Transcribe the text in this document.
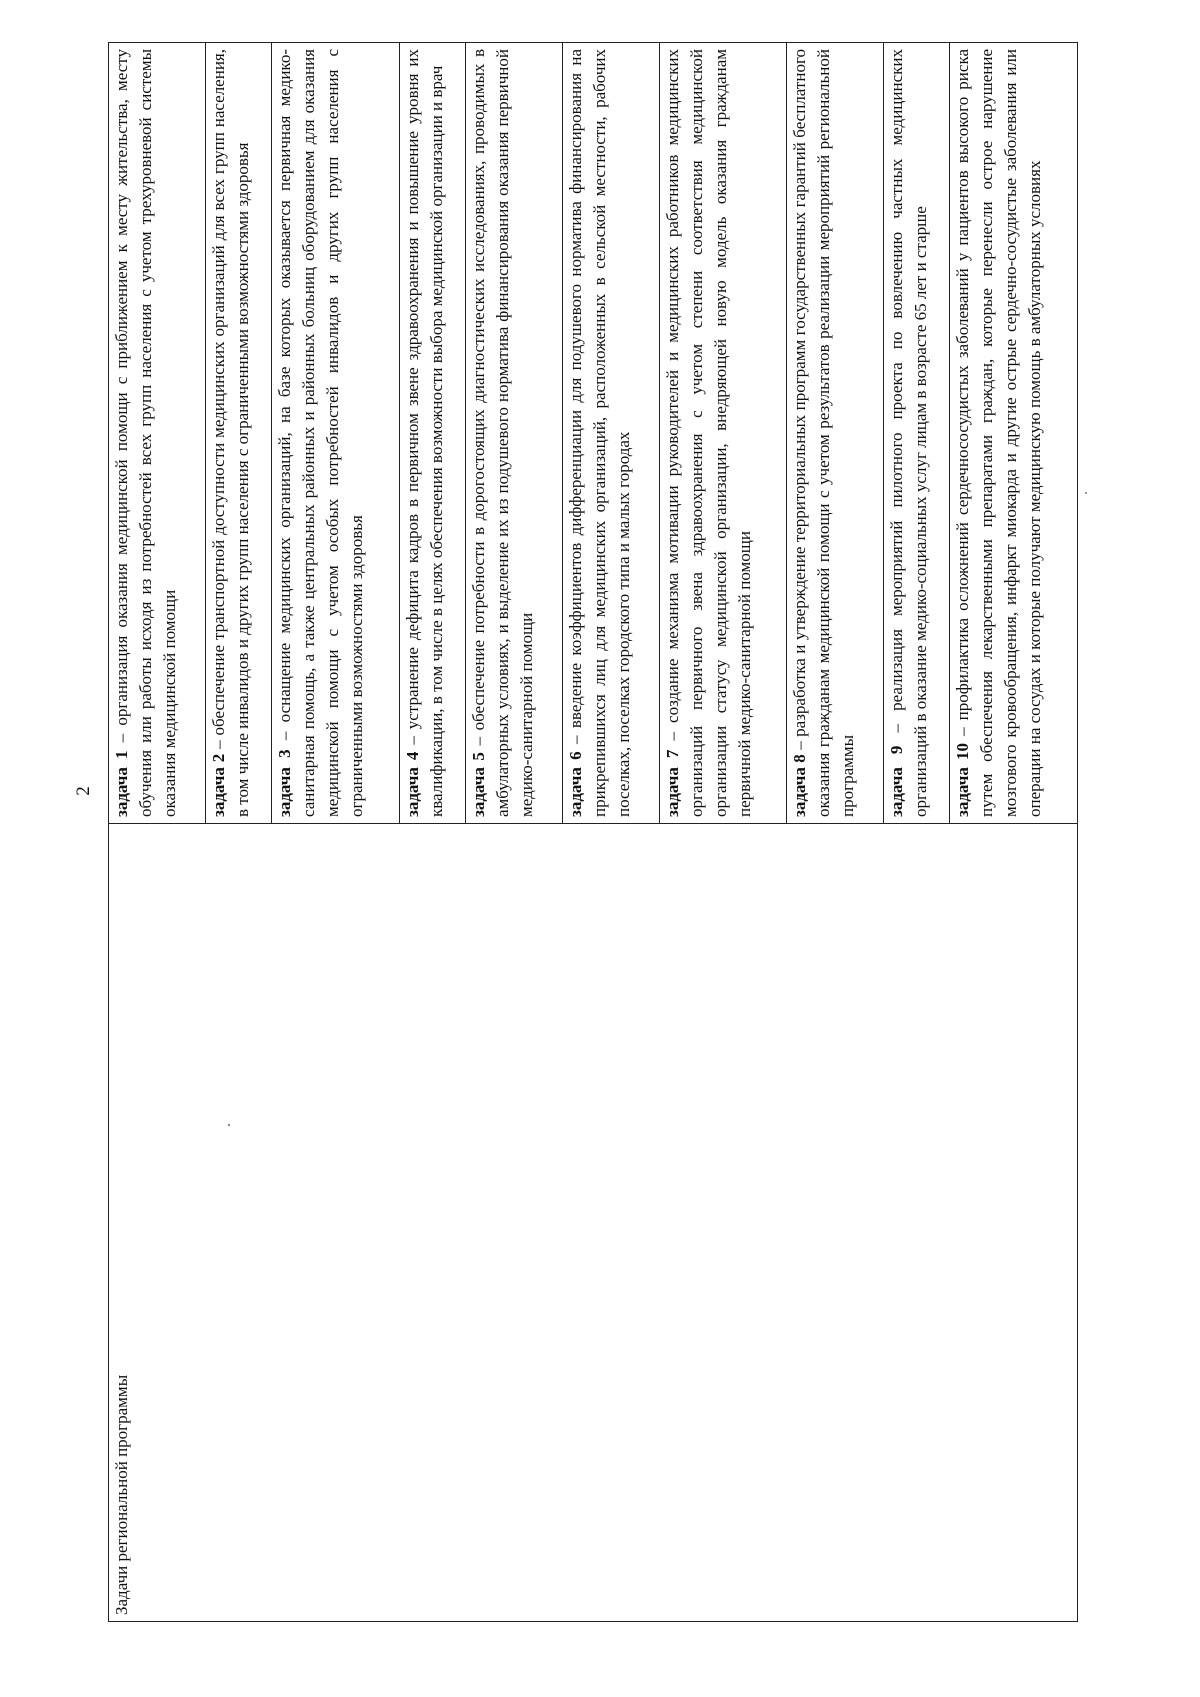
2
Задачи региональной программы	задача 1 – организация оказания медицинской помощи с приближением к месту жительства, месту обучения или работы исходя из потребностей всех групп населения с учетом трехуровневой системы оказания медицинской помощи
задача 2 – обеспечение транспортной доступности медицинских организаций для всех групп населения, в том числе инвалидов и других групп населения с ограниченными возможностями здоровья
задача 3 – оснащение медицинских организаций, на базе которых оказывается первичная медико-санитарная помощь, а также центральных районных и районных больниц оборудованием для оказания медицинской помощи с учетом особых потребностей инвалидов и других групп населения с ограниченными возможностями здоровья
задача 4 – устранение дефицита кадров в первичном звене здравоохранения и повышение уровня их квалификации, в том числе в целях обеспечения возможности выбора медицинской организации и врач
задача 5 – обеспечение потребности в дорогостоящих диагностических исследованиях, проводимых в амбулаторных условиях, и выделение их из подушевого норматива финансирования оказания первичной медико-санитарной помощи
задача 6 – введение коэффициентов дифференциации для подушевого норматива финансирования на прикрепившихся лиц для медицинских организаций, расположенных в сельской местности, рабочих поселках, поселках городского типа и малых городах
задача 7 – создание механизма мотивации руководителей и медицинских работников медицинских организаций первичного звена здравоохранения с учетом степени соответствия медицинской организации статусу медицинской организации, внедряющей новую модель оказания гражданам первичной медико-санитарной помощи
задача 8 – разработка и утверждение территориальных программ государственных гарантий бесплатного оказания гражданам медицинской помощи с учетом результатов реализации мероприятий региональной программы
задача 9 – реализация мероприятий пилотного проекта по вовлечению частных медицинских организаций в оказание медико-социальных услуг лицам в возрасте 65 лет и старше
задача 10 – профилактика осложнений сердечнососудистых заболеваний у пациентов высокого риска путем обеспечения лекарственными препаратами граждан, которые перенесли острое нарушение мозгового кровообращения, инфаркт миокарда и другие острые сердечно-сосудистые заболевания или операции на сосудах и которые получают медицинскую помощь в амбулаторных условиях
